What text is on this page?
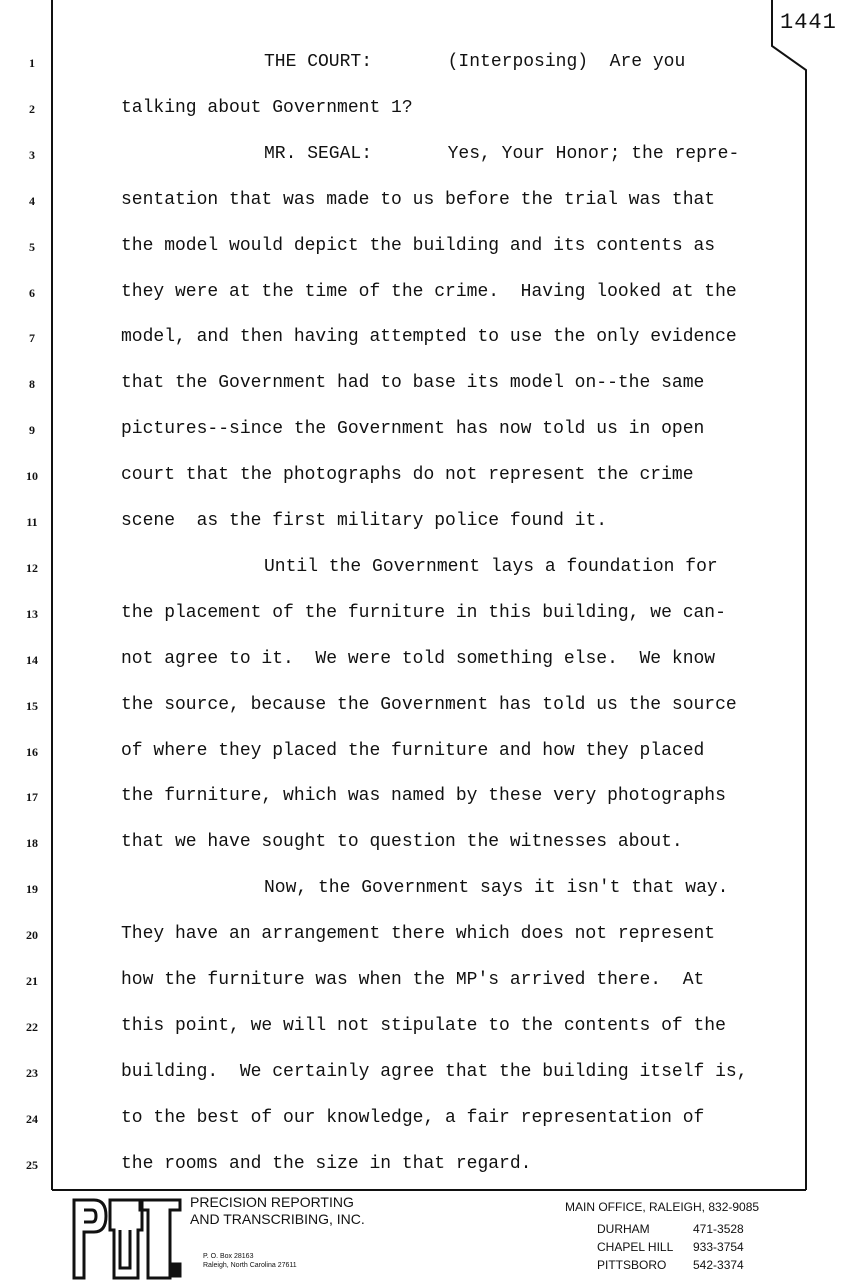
1441
1	THE COURT:       (Interposing)  Are you
2	talking about Government 1?
3	MR. SEGAL:       Yes, Your Honor; the repre-
4	sentation that was made to us before the trial was that
5	the model would depict the building and its contents as
6	they were at the time of the crime.  Having looked at the
7	model, and then having attempted to use the only evidence
8	that the Government had to base its model on--the same
9	pictures--since the Government has now told us in open
10	court that the photographs do not represent the crime
11	scene  as the first military police found it.
12	Until the Government lays a foundation for
13	the placement of the furniture in this building, we can-
14	not agree to it.  We were told something else.  We know
15	the source, because the Government has told us the source
16	of where they placed the furniture and how they placed
17	the furniture, which was named by these very photographs
18	that we have sought to question the witnesses about.
19	Now, the Government says it isn't that way.
20	They have an arrangement there which does not represent
21	how the furniture was when the MP's arrived there.  At
22	this point, we will not stipulate to the contents of the
23	building.  We certainly agree that the building itself is,
24	to the best of our knowledge, a fair representation of
25	the rooms and the size in that regard.
P&T	PRECISION REPORTING
AND TRANSCRIBING, INC.
P. O. Box 28163
Raleigh, North Carolina 27611
MAIN OFFICE, RALEIGH, 832-9085
DURHAM	471-3528
CHAPEL HILL 933-3754
PITTSBORO 542-3374
